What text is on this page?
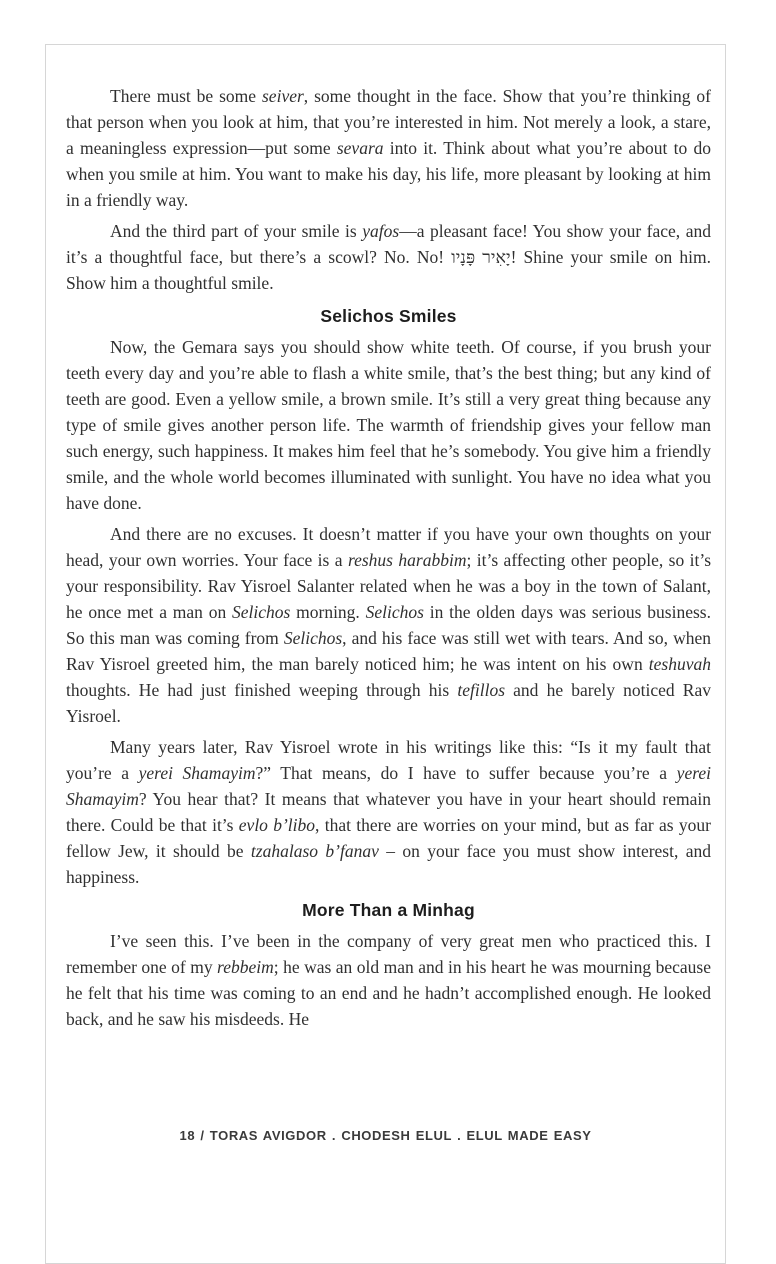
There must be some seiver, some thought in the face. Show that you’re thinking of that person when you look at him, that you’re interested in him. Not merely a look, a stare, a meaningless expression—put some sevara into it. Think about what you’re about to do when you smile at him. You want to make his day, his life, more pleasant by looking at him in a friendly way.

And the third part of your smile is yafos—a pleasant face! You show your face, and it’s a thoughtful face, but there’s a scowl? No. No! יָאִיר פָּנָיו! Shine your smile on him. Show him a thoughtful smile.

Selichos Smiles

Now, the Gemara says you should show white teeth. Of course, if you brush your teeth every day and you’re able to flash a white smile, that’s the best thing; but any kind of teeth are good. Even a yellow smile, a brown smile. It’s still a very great thing because any type of smile gives another person life. The warmth of friendship gives your fellow man such energy, such happiness. It makes him feel that he’s somebody. You give him a friendly smile, and the whole world becomes illuminated with sunlight. You have no idea what you have done.

And there are no excuses. It doesn’t matter if you have your own thoughts on your head, your own worries. Your face is a reshus harabbim; it’s affecting other people, so it’s your responsibility. Rav Yisroel Salanter related when he was a boy in the town of Salant, he once met a man on Selichos morning. Selichos in the olden days was serious business. So this man was coming from Selichos, and his face was still wet with tears. And so, when Rav Yisroel greeted him, the man barely noticed him; he was intent on his own teshuvah thoughts. He had just finished weeping through his tefillos and he barely noticed Rav Yisroel.

Many years later, Rav Yisroel wrote in his writings like this: “Is it my fault that you’re a yerei Shamayim?” That means, do I have to suffer because you’re a yerei Shamayim? You hear that? It means that whatever you have in your heart should remain there. Could be that it’s evlo b’libo, that there are worries on your mind, but as far as your fellow Jew, it should be tzahalaso b’fanav – on your face you must show interest, and happiness.

More Than a Minhag

I’ve seen this. I’ve been in the company of very great men who practiced this. I remember one of my rebbeim; he was an old man and in his heart he was mourning because he felt that his time was coming to an end and he hadn’t accomplished enough. He looked back, and he saw his misdeeds. He

18 / TORAS AVIGDOR . CHODESH ELUL . ELUL MADE EASY
